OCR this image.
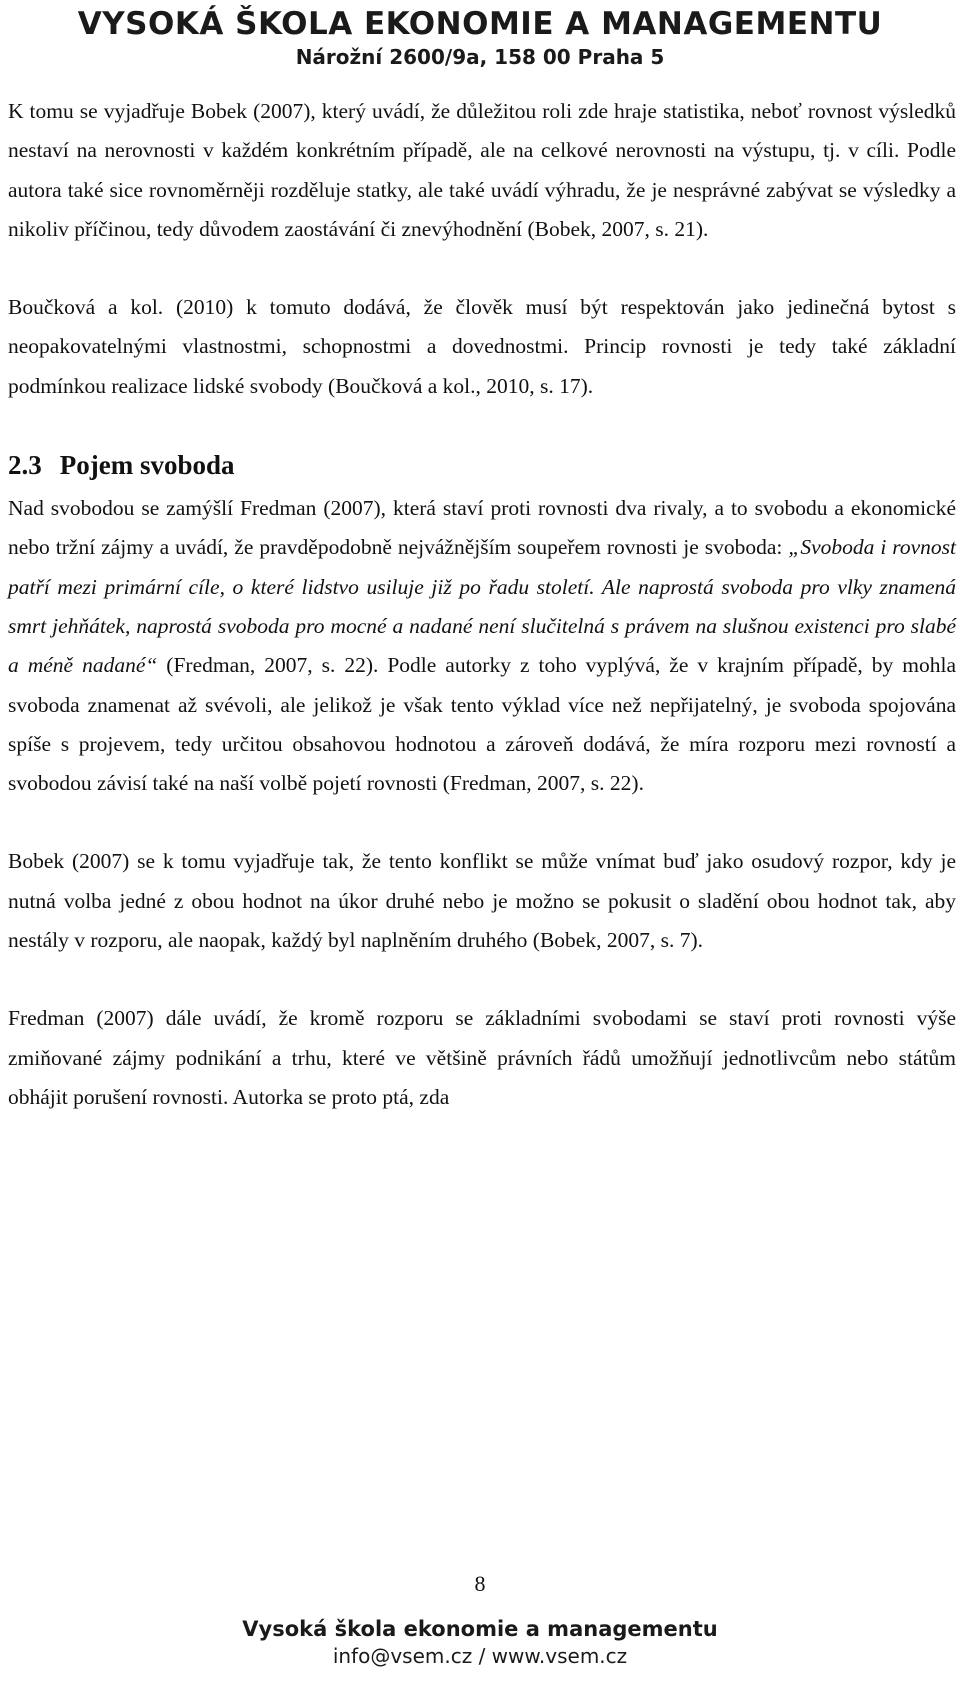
VYSOKÁ ŠKOLA EKONOMIE A MANAGEMENTU
Nárožní 2600/9a, 158 00 Praha 5

K tomu se vyjadřuje Bobek (2007), který uvádí, že důležitou roli zde hraje statistika, neboť rovnost výsledků nestaví na nerovnosti v každém konkrétním případě, ale na celkové nerovnosti na výstupu, tj. v cíli. Podle autora také sice rovnoměrněji rozděluje statky, ale také uvádí výhradu, že je nesprávné zabývat se výsledky a nikoliv příčinou, tedy důvodem zaostávání či znevýhodnění (Bobek, 2007, s. 21).

Boučková a kol. (2010) k tomuto dodává, že člověk musí být respektován jako jedinečná bytost s neopakovatelnými vlastnostmi, schopnostmi a dovednostmi. Princip rovnosti je tedy také základní podmínkou realizace lidské svobody (Boučková a kol., 2010, s. 17).

2.3 Pojem svoboda

Nad svobodou se zamýšlí Fredman (2007), která staví proti rovnosti dva rivaly, a to svobodu a ekonomické nebo tržní zájmy a uvádí, že pravděpodobně nejvážnějším soupeřem rovnosti je svoboda: „Svoboda i rovnost patří mezi primární cíle, o které lidstvo usiluje již po řadu století. Ale naprostá svoboda pro vlky znamená smrt jehňátek, naprostá svoboda pro mocné a nadané není slučitelná s právem na slušnou existenci pro slabé a méně nadané“ (Fredman, 2007, s. 22). Podle autorky z toho vyplývá, že v krajním případě, by mohla svoboda znamenat až svévoli, ale jelikož je však tento výklad více než nepřijatelný, je svoboda spojována spíše s projevem, tedy určitou obsahovou hodnotou a zároveň dodává, že míra rozporu mezi rovností a svobodou závisí také na naší volbě pojetí rovnosti (Fredman, 2007, s. 22).

Bobek (2007) se k tomu vyjadřuje tak, že tento konflikt se může vnímat buď jako osudový rozpor, kdy je nutná volba jedné z obou hodnot na úkor druhé nebo je možno se pokusit o sladění obou hodnot tak, aby nestály v rozporu, ale naopak, každý byl naplněním druhého (Bobek, 2007, s. 7).

Fredman (2007) dále uvádí, že kromě rozporu se základními svobodami se staví proti rovnosti výše zmiňované zájmy podnikání a trhu, které ve většině právních řádů umožňují jednotlivcům nebo státům obhájit porušení rovnosti. Autorka se proto ptá, zda

8
Vysoká škola ekonomie a managementu
info@vsem.cz / www.vsem.cz
